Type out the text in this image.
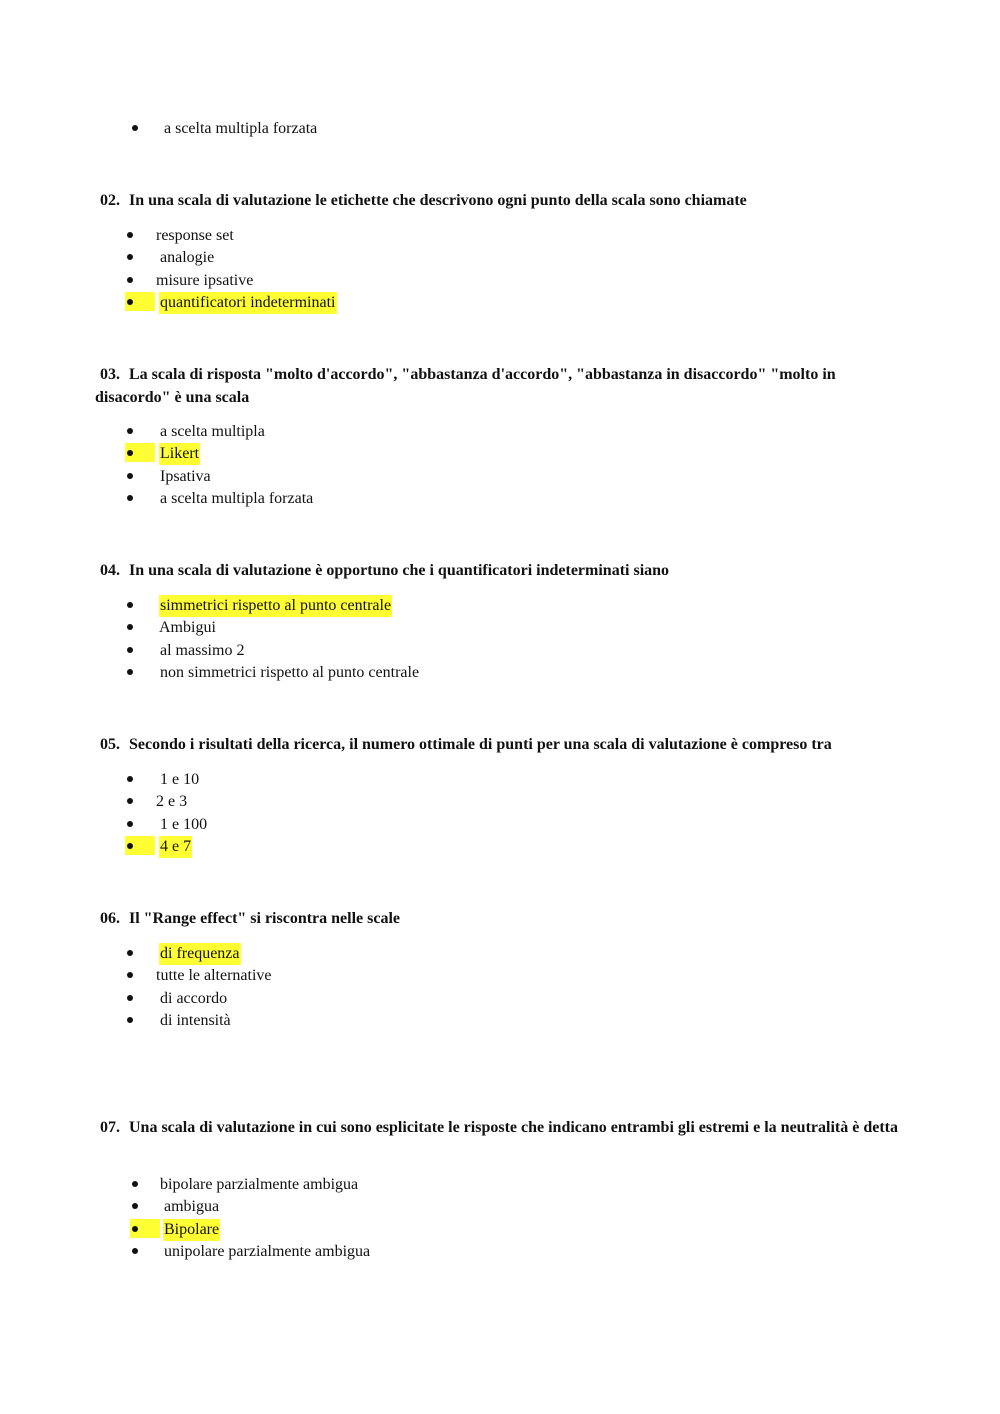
a scelta multipla forzata
02. In una scala di valutazione le etichette che descrivono ogni punto della scala sono chiamate
response set
analogie
misure ipsative
quantificatori indeterminati
03. La scala di risposta "molto d'accordo", "abbastanza d'accordo", "abbastanza in disaccordo" "molto in disacordo" è una scala
a scelta multipla
Likert
Ipsativa
a scelta multipla forzata
04. In una scala di valutazione è opportuno che i quantificatori indeterminati siano
simmetrici rispetto al punto centrale
Ambigui
al massimo 2
non simmetrici rispetto al punto centrale
05. Secondo i risultati della ricerca, il numero ottimale di punti per una scala di valutazione è compreso tra
1 e 10
2 e 3
1 e 100
4 e 7
06. Il "Range effect" si riscontra nelle scale
di frequenza
tutte le alternative
di accordo
di intensità
07. Una scala di valutazione in cui sono esplicitate le risposte che indicano entrambi gli estremi e la neutralità è detta
bipolare parzialmente ambigua
ambigua
Bipolare
unipolare parzialmente ambigua
